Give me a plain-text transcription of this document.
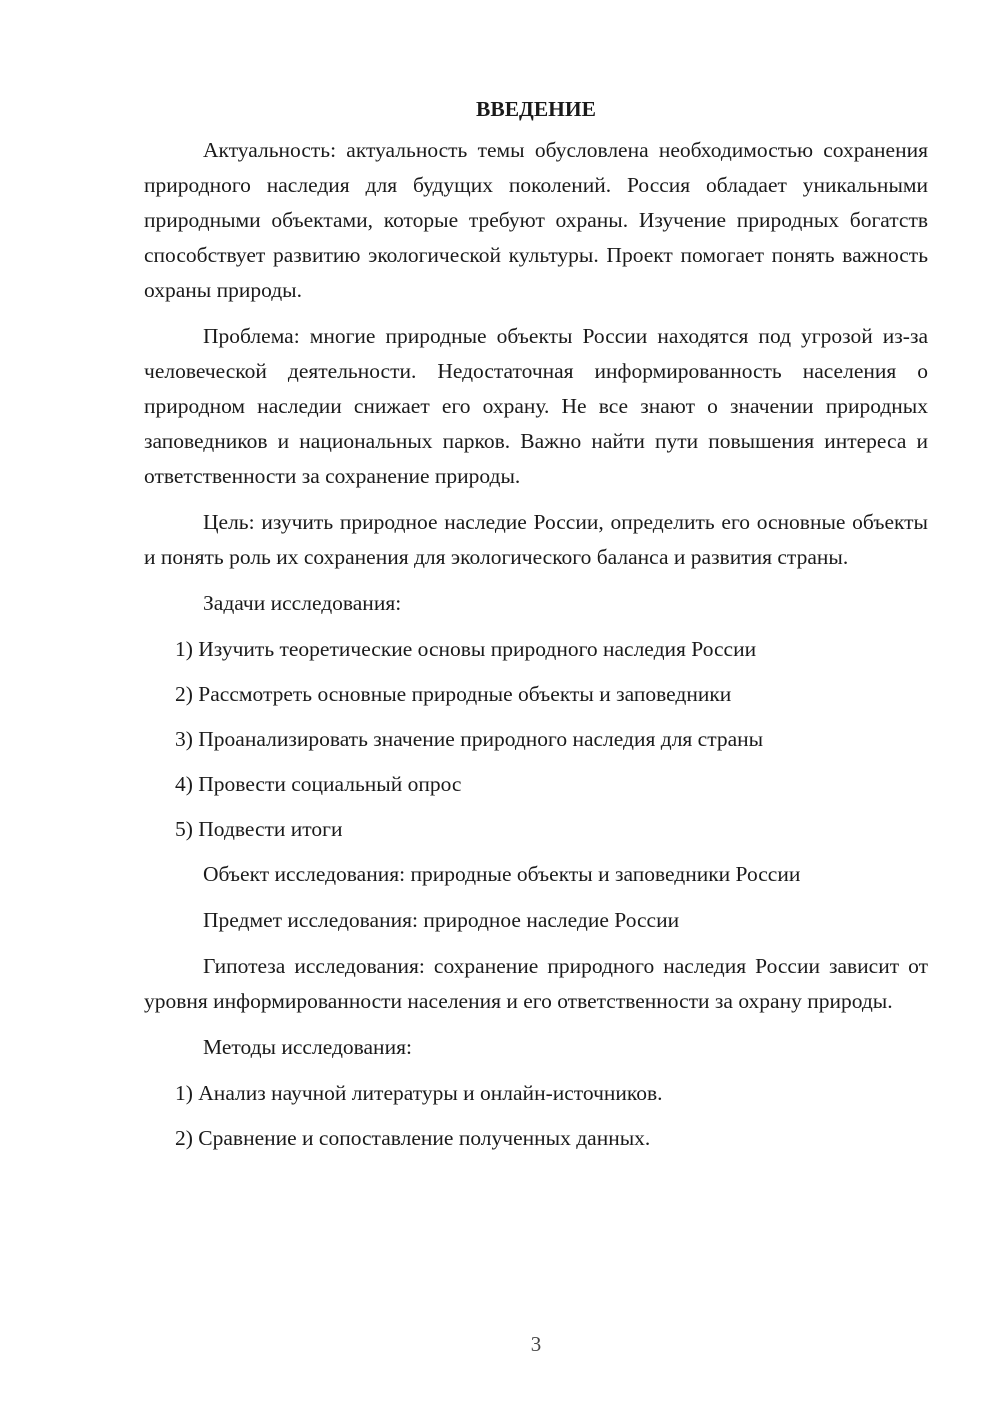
ВВЕДЕНИЕ

Актуальность: актуальность темы обусловлена необходимостью сохранения природного наследия для будущих поколений. Россия обладает уникальными природными объектами, которые требуют охраны. Изучение природных богатств способствует развитию экологической культуры. Проект помогает понять важность охраны природы.

Проблема: многие природные объекты России находятся под угрозой из-за человеческой деятельности. Недостаточная информированность населения о природном наследии снижает его охрану. Не все знают о значении природных заповедников и национальных парков. Важно найти пути повышения интереса и ответственности за сохранение природы.

Цель: изучить природное наследие России, определить его основные объекты и понять роль их сохранения для экологического баланса и развития страны.

Задачи исследования:

1) Изучить теоретические основы природного наследия России
2) Рассмотреть основные природные объекты и заповедники
3) Проанализировать значение природного наследия для страны
4) Провести социальный опрос
5) Подвести итоги

Объект исследования: природные объекты и заповедники России

Предмет исследования: природное наследие России

Гипотеза исследования: сохранение природного наследия России зависит от уровня информированности населения и его ответственности за охрану природы.

Методы исследования:

1) Анализ научной литературы и онлайн-источников.
2) Сравнение и сопоставление полученных данных.
3
